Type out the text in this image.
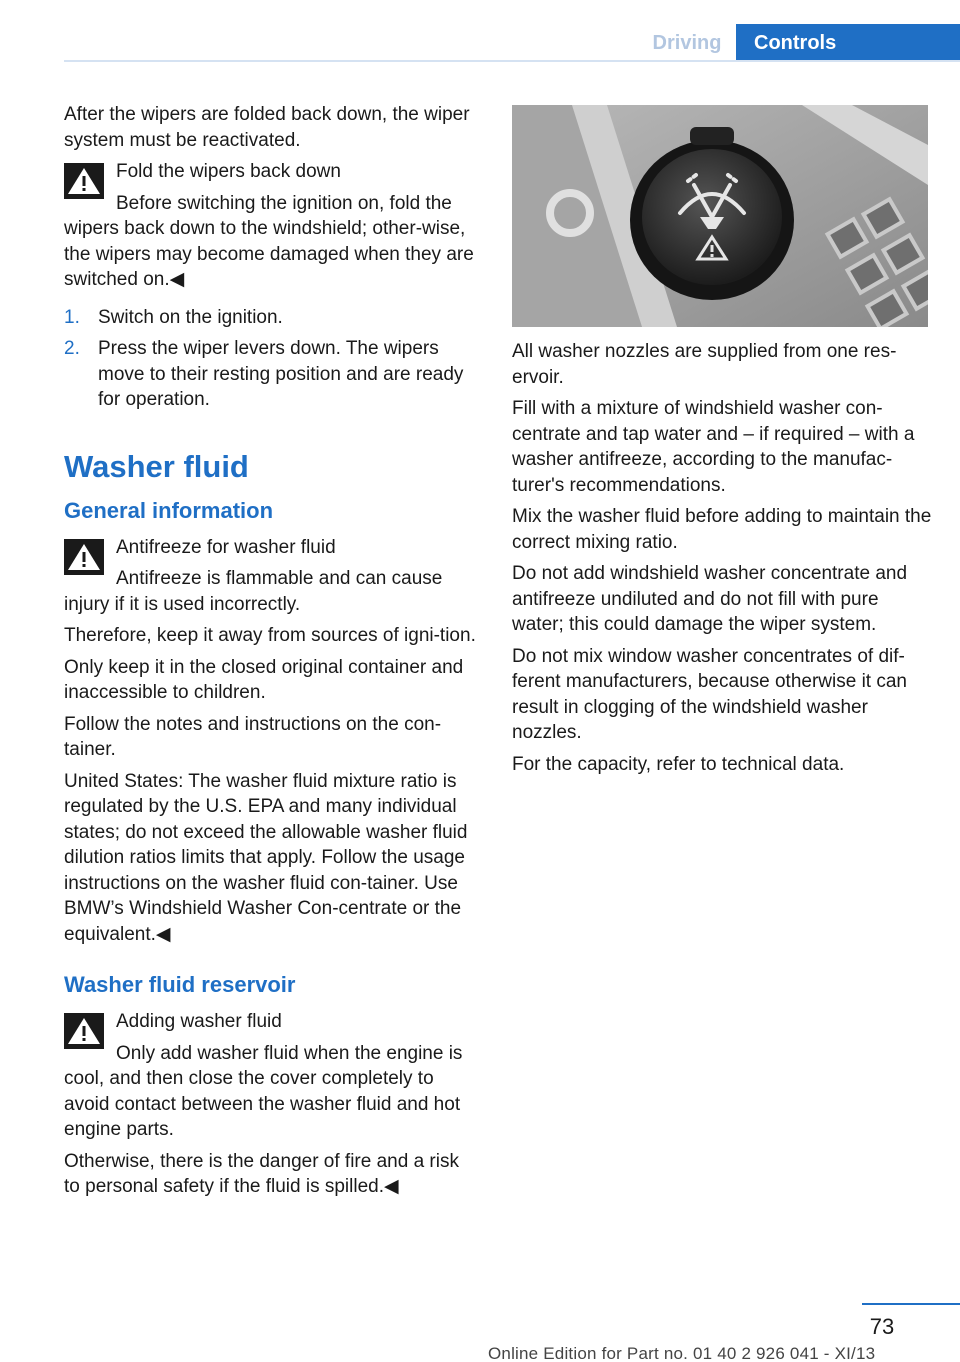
Driving	Controls

After the wipers are folded back down, the wiper system must be reactivated.

Fold the wipers back down

Before switching the ignition on, fold the wipers back down to the windshield; other‐wise, the wipers may become damaged when they are switched on.◀

1. Switch on the ignition.
2. Press the wiper levers down. The wipers move to their resting position and are ready for operation.
Washer fluid
General information
Antifreeze for washer fluid

Antifreeze is flammable and can cause injury if it is used incorrectly.

Therefore, keep it away from sources of igni‐tion.

Only keep it in the closed original container and inaccessible to children.

Follow the notes and instructions on the con‐tainer.

United States: The washer fluid mixture ratio is regulated by the U.S. EPA and many individual states; do not exceed the allowable washer fluid dilution ratios limits that apply. Follow the usage instructions on the washer fluid con‐tainer. Use BMW’s Windshield Washer Con‐centrate or the equivalent.◀

Washer fluid reservoir
Adding washer fluid

Only add washer fluid when the engine is cool, and then close the cover completely to avoid contact between the washer fluid and hot engine parts.

Otherwise, there is the danger of fire and a risk to personal safety if the fluid is spilled.◀

All washer nozzles are supplied from one res‐ervoir.

Fill with a mixture of windshield washer con‐centrate and tap water and – if required – with a washer antifreeze, according to the manufac‐turer's recommendations.

Mix the washer fluid before adding to maintain the correct mixing ratio.

Do not add windshield washer concentrate and antifreeze undiluted and do not fill with pure water; this could damage the wiper system.

Do not mix window washer concentrates of dif‐ferent manufacturers, because otherwise it can result in clogging of the windshield washer nozzles.

For the capacity, refer to technical data.

73
Online Edition for Part no. 01 40 2 926 041 - XI/13
